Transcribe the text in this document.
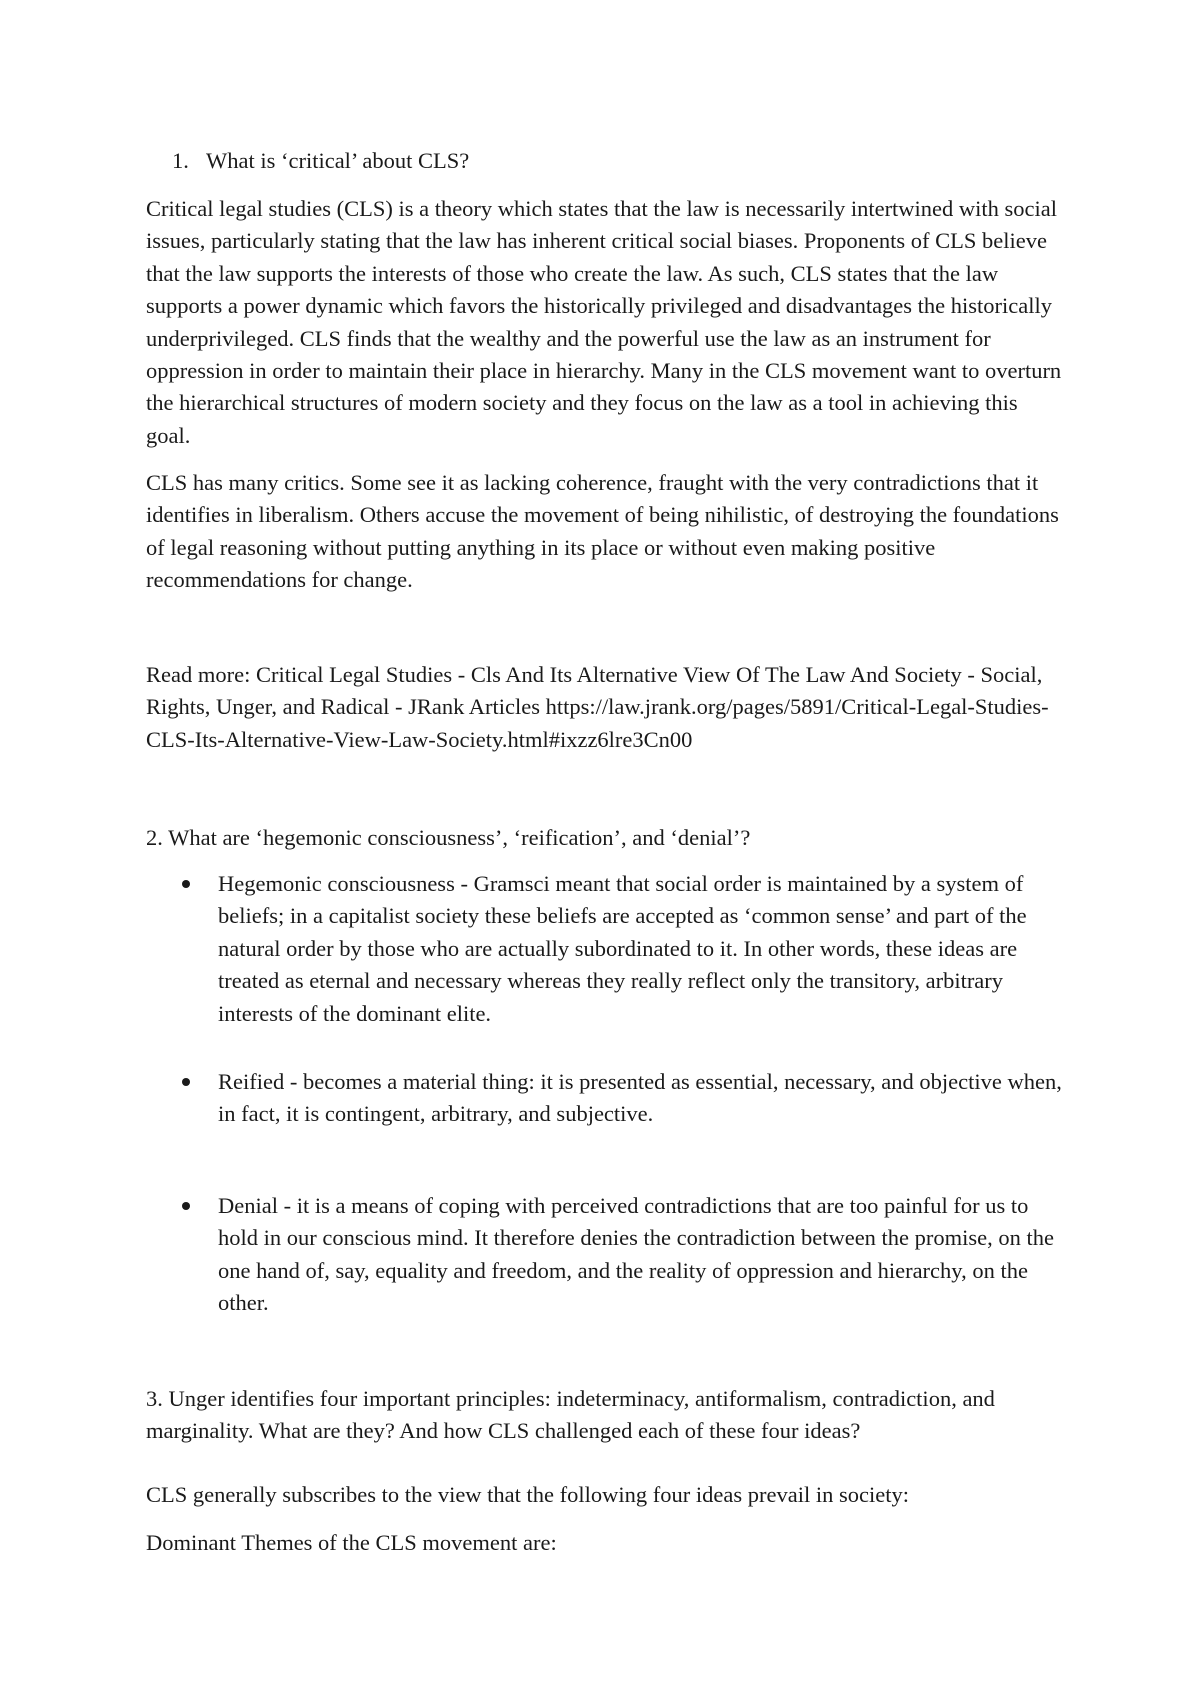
1. What is ‘critical’ about CLS?

Critical legal studies (CLS) is a theory which states that the law is necessarily intertwined with social issues, particularly stating that the law has inherent critical social biases. Proponents of CLS believe that the law supports the interests of those who create the law. As such, CLS states that the law supports a power dynamic which favors the historically privileged and disadvantages the historically underprivileged. CLS finds that the wealthy and the powerful use the law as an instrument for oppression in order to maintain their place in hierarchy. Many in the CLS movement want to overturn the hierarchical structures of modern society and they focus on the law as a tool in achieving this goal.

CLS has many critics. Some see it as lacking coherence, fraught with the very contradictions that it identifies in liberalism. Others accuse the movement of being nihilistic, of destroying the foundations of legal reasoning without putting anything in its place or without even making positive recommendations for change.

Read more: Critical Legal Studies - Cls And Its Alternative View Of The Law And Society - Social, Rights, Unger, and Radical - JRank Articles https://law.jrank.org/pages/5891/Critical-Legal-Studies-CLS-Its-Alternative-View-Law-Society.html#ixzz6lre3Cn00

2. What are ‘hegemonic consciousness’, ‘reification’, and ‘denial’?

Hegemonic consciousness - Gramsci meant that social order is maintained by a system of beliefs; in a capitalist society these beliefs are accepted as ‘common sense’ and part of the natural order by those who are actually subordinated to it. In other words, these ideas are treated as eternal and necessary whereas they really reflect only the transitory, arbitrary interests of the dominant elite.
Reified - becomes a material thing: it is presented as essential, necessary, and objective when, in fact, it is contingent, arbitrary, and subjective.
Denial - it is a means of coping with perceived contradictions that are too painful for us to hold in our conscious mind. It therefore denies the contradiction between the promise, on the one hand of, say, equality and freedom, and the reality of oppression and hierarchy, on the other.

3. Unger identifies four important principles: indeterminacy, antiformalism, contradiction, and marginality. What are they? And how CLS challenged each of these four ideas?

CLS generally subscribes to the view that the following four ideas prevail in society:

Dominant Themes of the CLS movement are:
